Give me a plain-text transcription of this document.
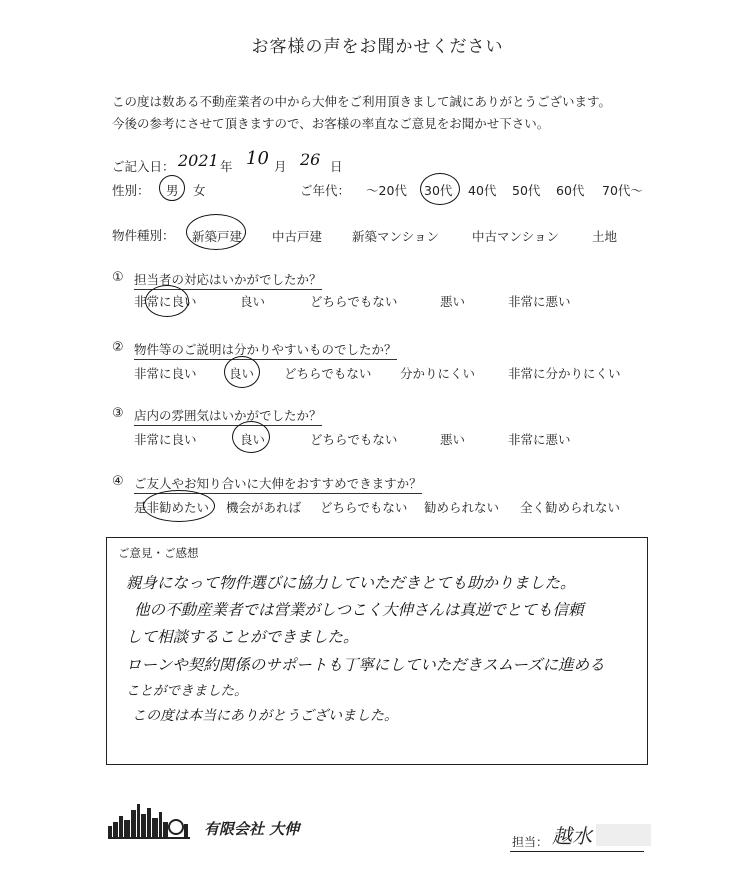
お客様の声をお聞かせください
この度は数ある不動産業者の中から大伸をご利用頂きまして誠にありがとうございます。
今後の参考にさせて頂きますので、お客様の率直なご意見をお聞かせ下さい。
ご記入日： 2021 年 10 月 26 日
性別： 男 女	ご年代： ～20代 30代 40代 50代 60代 70代～
物件種別： 新築戸建 中古戸建 新築マンション	中古マンション	土地
① 担当者の対応はいかがでしたか？
非常に良い	良い	どちらでもない	悪い	非常に悪い
② 物件等のご説明は分かりやすいものでしたか？
非常に良い	良い どちらでもない 分かりにくい	非常に分かりにくい
③ 店内の雰囲気はいかがでしたか？
非常に良い	良い	どちらでもない	悪い	非常に悪い
④ ご友人やお知り合いに大伸をおすすめできますか？
是非勧めたい 機会があれば どちらでもない 勧められない 全く勧められない
ご意見・ご感想
親身になって物件選びに協力していただきとても助かりました。
他の不動産業者では営業がしつこく大伸さんは真逆でとても信頼
して相談することができました。
ローンや契約関係のサポートも丁寧にしていただきスムーズに進める
ことができました。
この度は本当にありがとうございました。
有限会社 大伸
担当： 越水
